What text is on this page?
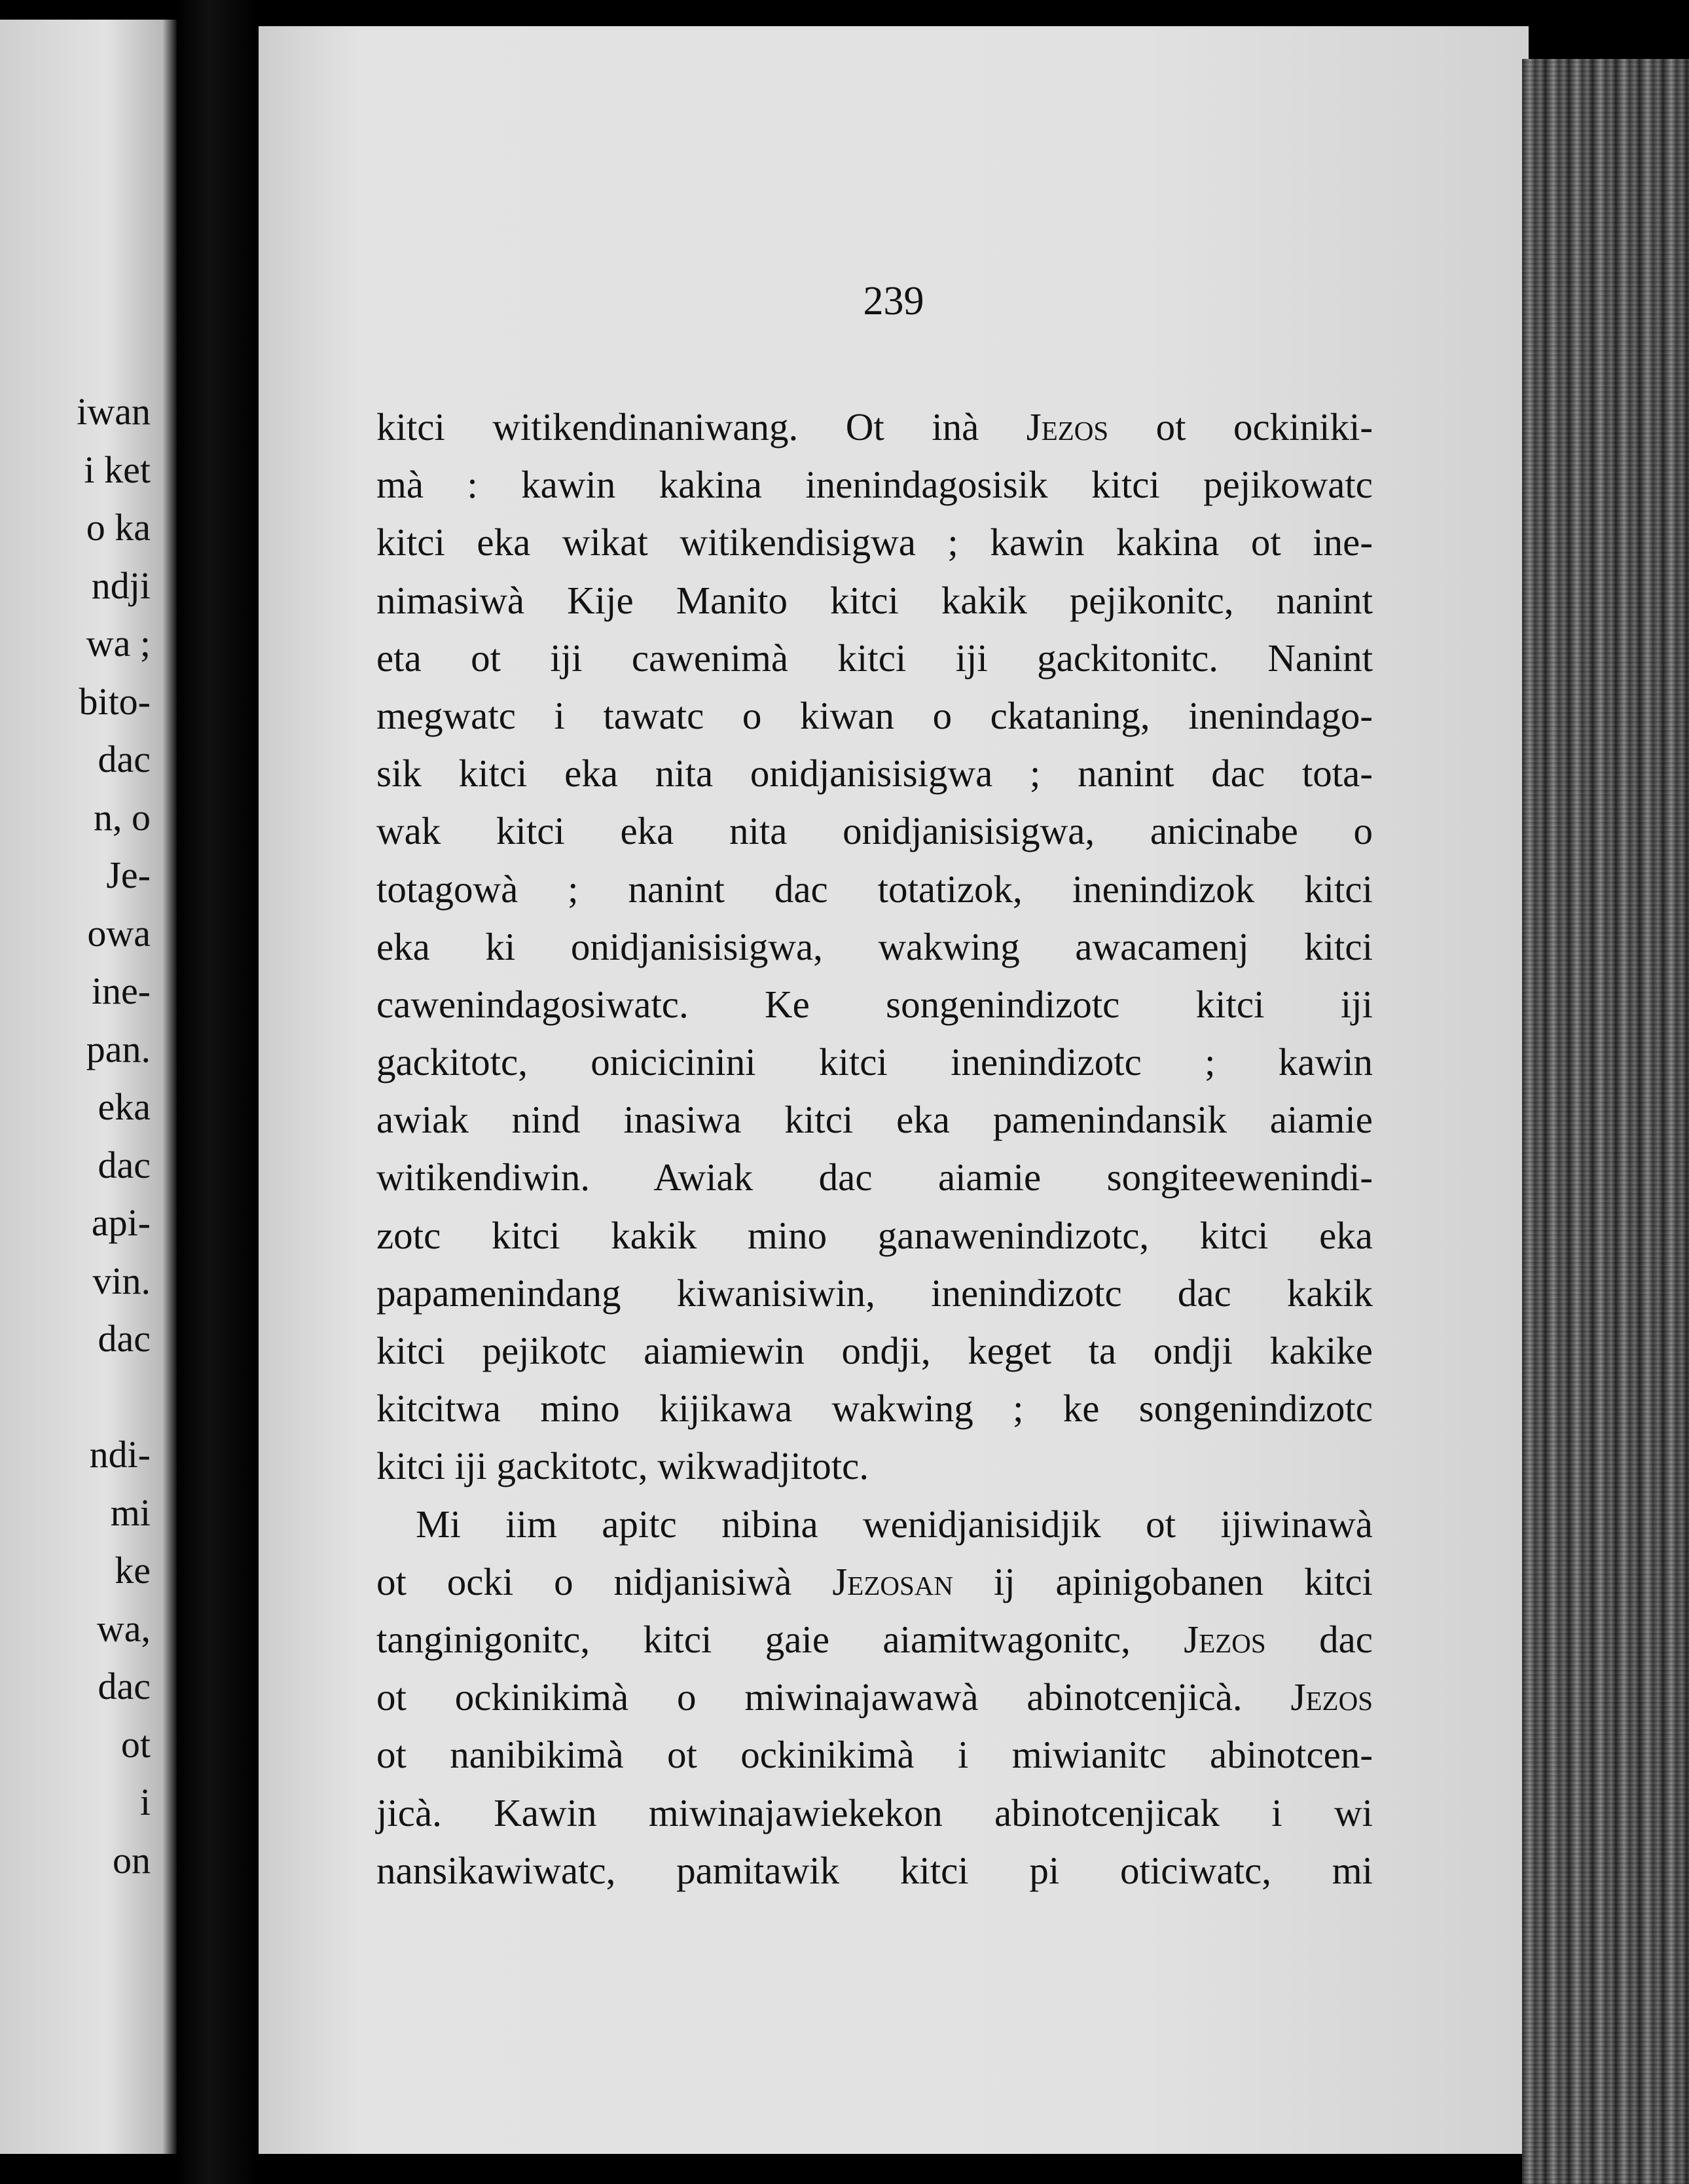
iwan
i ket
o ka
ndji
wa ;
bito-
dac
n, o
Je-
owa
ine-
pan.
eka
dac
api-
vin.
dac

ndi-
mi
ke
wa,
dac
ot
i
on
239
kitci witikendinaniwang. Ot inà Jezos ot ockiniki-
mà : kawin kakina inenindagosisik kitci pejikowatc
kitci eka wikat witikendisigwa ; kawin kakina ot ine-
nimasiwà Kije Manito kitci kakik pejikonitc, nanint
eta ot iji cawenimà kitci iji gackitonitc. Nanint
megwatc i tawatc o kiwan o ckataning, inenindago-
sik kitci eka nita onidjanisisigwa ; nanint dac tota-
wak kitci eka nita onidjanisisigwa, anicinabe o
totagowà ; nanint dac totatizok, inenindizok kitci
eka ki onidjanisisigwa, wakwing awacamenj kitci
cawenindagosiwatc. Ke songenindizotc kitci iji
gackitotc, onicicinini kitci inenindizotc ; kawin
awiak nind inasiwa kitci eka pamenindansik aiamie
witikendiwin. Awiak dac aiamie songiteewenindi-
zotc kitci kakik mino ganawenindizotc, kitci eka
papamenindang kiwanisiwin, inenindizotc dac kakik
kitci pejikotc aiamiewin ondji, keget ta ondji kakike
kitcitwa mino kijikawa wakwing ; ke songenindizotc
kitci iji gackitotc, wikwadjitotc.
Mi iim apitc nibina wenidjanisidjik ot ijiwinawà
ot ocki o nidjanisiwà Jezosan ij apinigobanen kitci
tanginigonitc, kitci gaie aiamitwagonitc, Jezos dac
ot ockinikimà o miwinajawawà abinotcenjicà. Jezos
ot nanibikimà ot ockinikimà i miwianitc abinotcen-
jicà. Kawin miwinajawiekekon abinotcenjicak i wi
nansikawiwatc, pamitawik kitci pi oticiwatc, mi
